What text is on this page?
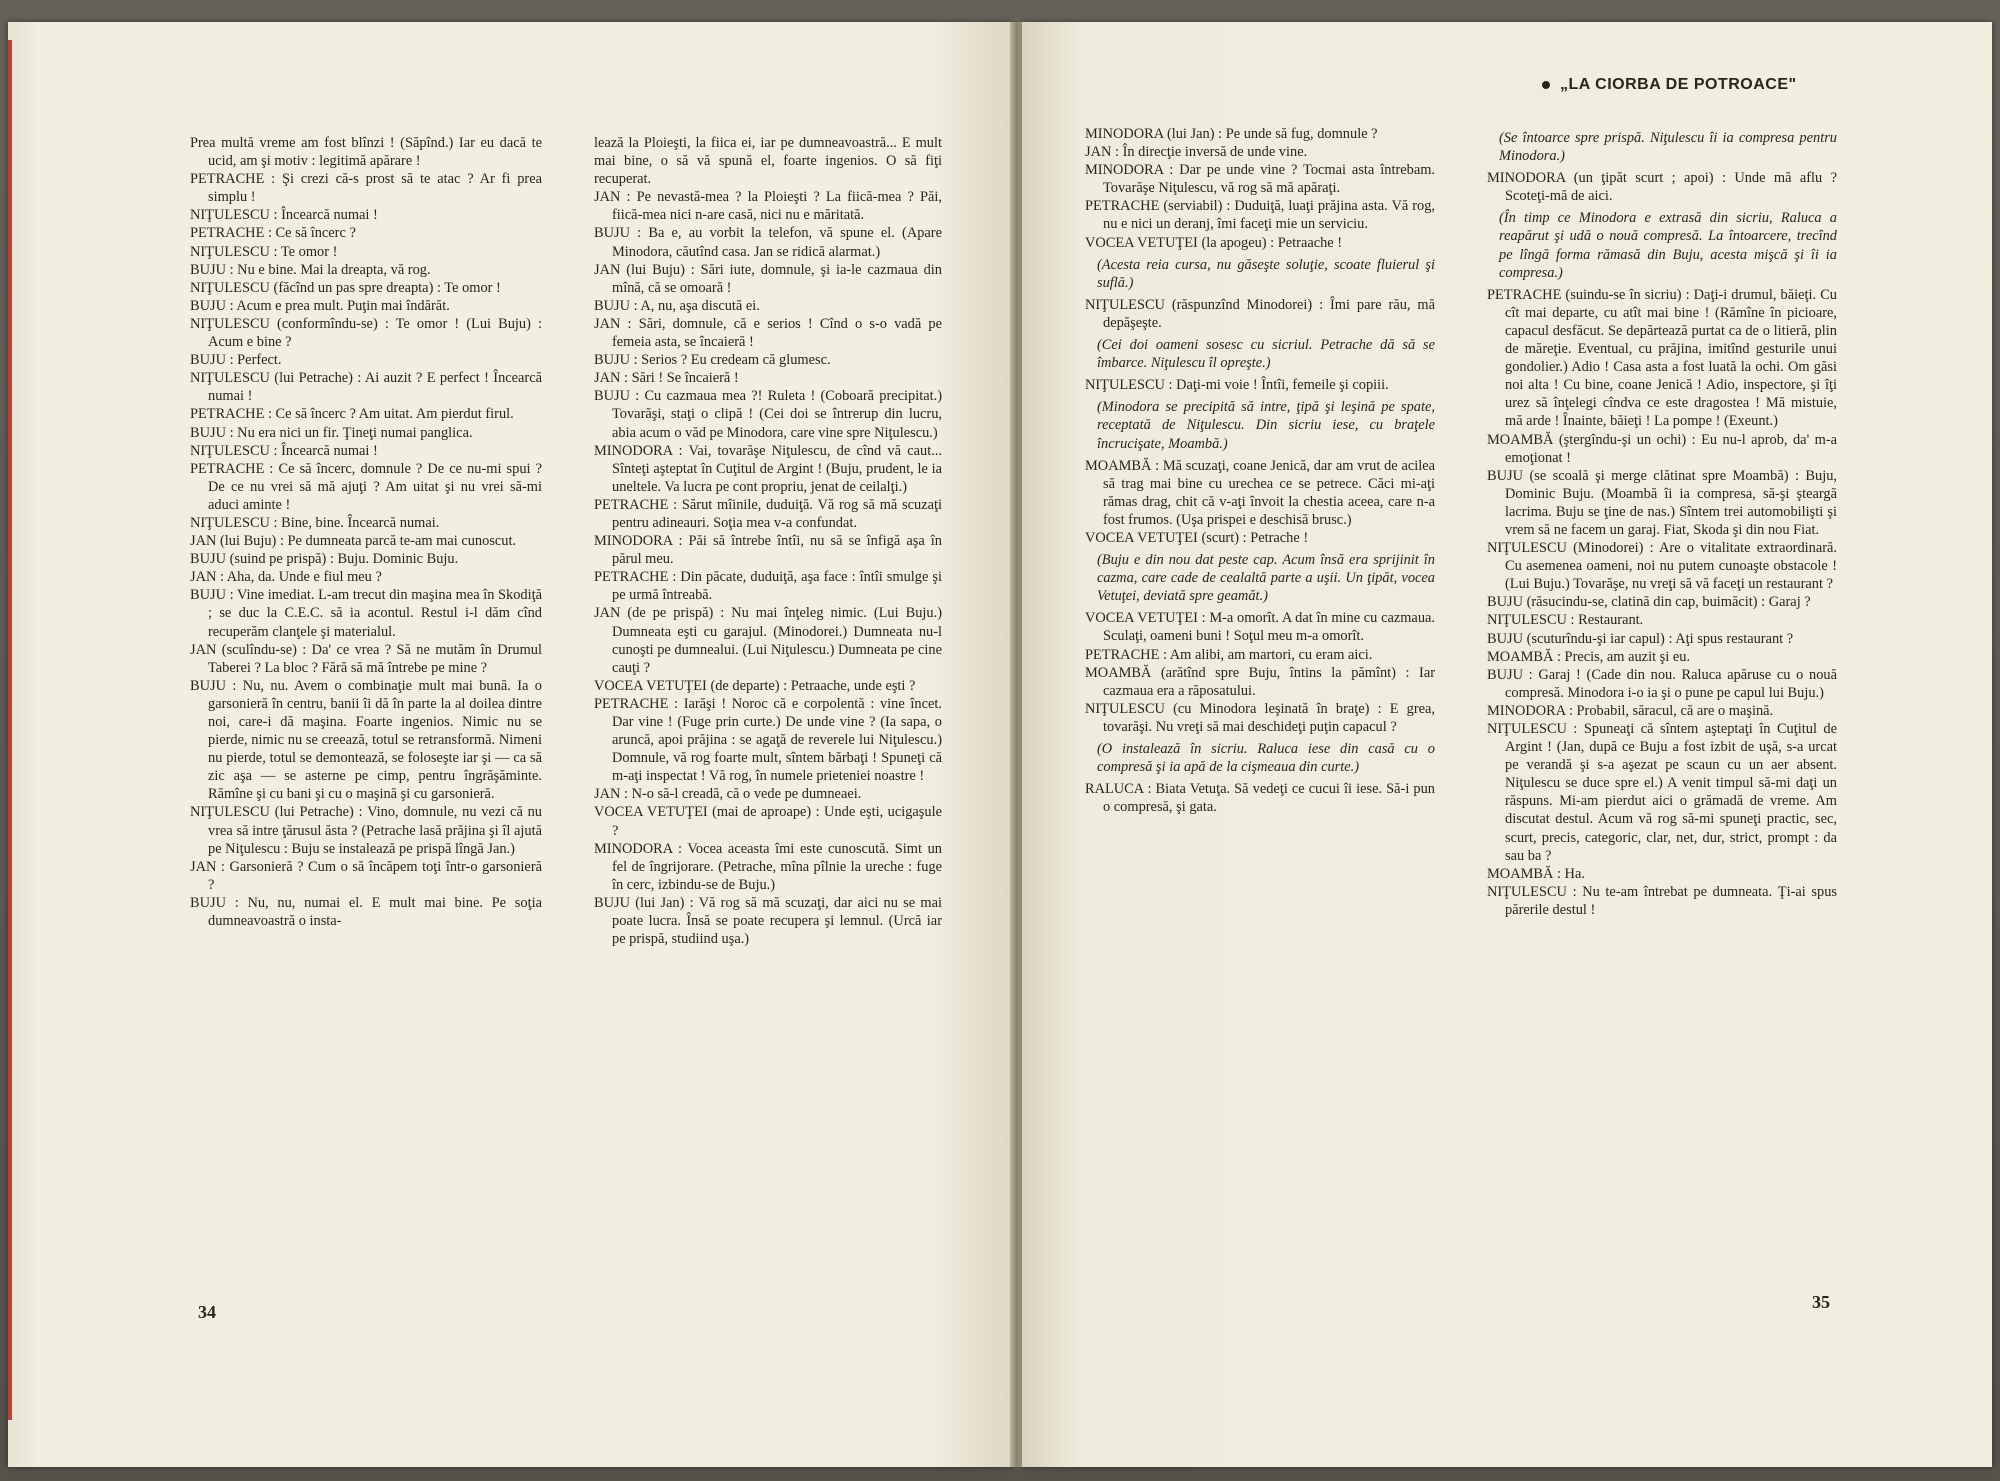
Prea multă vreme am fost blînzi ! (Săpînd.) Iar eu dacă te ucid, am şi motiv : legitimă apărare !

PETRACHE : Şi crezi că-s prost să te atac ? Ar fi prea simplu !

NIŢULESCU : Încearcă numai !

PETRACHE : Ce să încerc ?

NIŢULESCU : Te omor !

BUJU : Nu e bine. Mai la dreapta, vă rog.

NIŢULESCU (făcînd un pas spre dreapta) : Te omor !

BUJU : Acum e prea mult. Puţin mai îndărăt.

NIŢULESCU (conformîndu-se) : Te omor ! (Lui Buju) : Acum e bine ?

BUJU : Perfect.

NIŢULESCU (lui Petrache) : Ai auzit ? E perfect ! Încearcă numai !

PETRACHE : Ce să încerc ? Am uitat. Am pierdut firul.

BUJU : Nu era nici un fir. Ţineţi numai panglica.

NIŢULESCU : Încearcă numai !

PETRACHE : Ce să încerc, domnule ? De ce nu-mi spui ? De ce nu vrei să mă ajuţi ? Am uitat şi nu vrei să-mi aduci aminte !

NIŢULESCU : Bine, bine. Încearcă numai.

JAN (lui Buju) : Pe dumneata parcă te-am mai cunoscut.

BUJU (suind pe prispă) : Buju. Dominic Buju.

JAN : Aha, da. Unde e fiul meu ?

BUJU : Vine imediat. L-am trecut din maşina mea în Skodiţă ; se duc la C.E.C. să ia acontul. Restul i-l dăm cînd recuperăm clanţele şi materialul.

JAN (sculîndu-se) : Da' ce vrea ? Să ne mutăm în Drumul Taberei ? La bloc ? Fără să mă întrebe pe mine ?

BUJU : Nu, nu. Avem o combinaţie mult mai bună. Ia o garsonieră în centru, banii îi dă în parte la al doilea dintre noi, care-i dă maşina. Foarte ingenios. Nimic nu se pierde, nimic nu se creează, totul se retransformă. Nimeni nu pierde, totul se demontează, se foloseşte iar şi — ca să zic aşa — se asterne pe cimp, pentru îngrăşăminte. Rămîne şi cu bani şi cu o maşină şi cu garsonieră.

NIŢULESCU (lui Petrache) : Vino, domnule, nu vezi că nu vrea să intre ţărusul ăsta ? (Petrache lasă prăjina şi îl ajută pe Niţulescu : Buju se instalează pe prispă lîngă Jan.)

JAN : Garsonieră ? Cum o să încăpem toţi într-o garsonieră ?

BUJU : Nu, nu, numai el. E mult mai bine. Pe soţia dumneavoastră o insta-

lează la Ploieşti, la fiica ei, iar pe dumneavoastră... E mult mai bine, o să vă spună el, foarte ingenios. O să fiţi recuperat.

JAN : Pe nevastă-mea ? la Ploieşti ? La fiică-mea ? Păi, fiică-mea nici n-are casă, nici nu e măritată.

BUJU : Ba e, au vorbit la telefon, vă spune el. (Apare Minodora, căutînd casa. Jan se ridică alarmat.)

JAN (lui Buju) : Sări iute, domnule, şi ia-le cazmaua din mînă, că se omoară !

BUJU : A, nu, aşa discută ei.

JAN : Sări, domnule, că e serios ! Cînd o s-o vadă pe femeia asta, se încaieră !

BUJU : Serios ? Eu credeam că glumesc.

JAN : Sări ! Se încaieră !

BUJU : Cu cazmaua mea ?! Ruleta ! (Coboară precipitat.) Tovarăşi, staţi o clipă ! (Cei doi se întrerup din lucru, abia acum o văd pe Minodora, care vine spre Niţulescu.)

MINODORA : Vai, tovarăşe Niţulescu, de cînd vă caut... Sînteţi aşteptat în Cuţitul de Argint ! (Buju, prudent, le ia uneltele. Va lucra pe cont propriu, jenat de ceilalţi.)

PETRACHE : Sărut mîinile, duduiţă. Vă rog să mă scuzaţi pentru adineauri. Soţia mea v-a confundat.

MINODORA : Păi să întrebe întîi, nu să se înfigă aşa în părul meu.

PETRACHE : Din păcate, duduiţă, aşa face : întîi smulge şi pe urmă întreabă.

JAN (de pe prispă) : Nu mai înţeleg nimic. (Lui Buju.) Dumneata eşti cu garajul. (Minodorei.) Dumneata nu-l cunoşti pe dumnealui. (Lui Niţulescu.) Dumneata pe cine cauţi ?

VOCEA VETUŢEI (de departe) : Petraache, unde eşti ?

PETRACHE : Iarăşi ! Noroc că e corpolentă : vine încet. Dar vine ! (Fuge prin curte.) De unde vine ? (Ia sapa, o aruncă, apoi prăjina : se agaţă de reverele lui Niţulescu.) Domnule, vă rog foarte mult, sîntem bărbaţi ! Spuneţi că m-aţi inspectat ! Vă rog, în numele prieteniei noastre !

JAN : N-o să-l creadă, că o vede pe dumneaei.

VOCEA VETUŢEI (mai de aproape) : Unde eşti, ucigaşule ?

MINODORA : Vocea aceasta îmi este cunoscută. Simt un fel de îngrijorare. (Petrache, mîna pîlnie la ureche : fuge în cerc, izbindu-se de Buju.)

BUJU (lui Jan) : Vă rog să mă scuzaţi, dar aici nu se mai poate lucra. Însă se poate recupera şi lemnul. (Urcă iar pe prispă, studiind uşa.)

MINODORA (lui Jan) : Pe unde să fug, domnule ?

JAN : În direcţie inversă de unde vine.

MINODORA : Dar pe unde vine ? Tocmai asta întrebam. Tovarăşe Niţulescu, vă rog să mă apăraţi.

PETRACHE (serviabil) : Duduiţă, luaţi prăjina asta. Vă rog, nu e nici un deranj, îmi faceţi mie un serviciu.

VOCEA VETUŢEI (la apogeu) : Petraache !

(Acesta reia cursa, nu găseşte soluţie, scoate fluierul şi suflă.)

NIŢULESCU (răspunzînd Minodorei) : Îmi pare rău, mă depăşeşte.

(Cei doi oameni sosesc cu sicriul. Petrache dă să se îmbarce. Niţulescu îl opreşte.)

NIŢULESCU : Daţi-mi voie ! Întîi, femeile şi copiii.

(Minodora se precipită să intre, ţipă şi leşină pe spate, receptată de Niţulescu. Din sicriu iese, cu braţele încrucişate, Moambă.)

MOAMBĂ : Mă scuzaţi, coane Jenică, dar am vrut de acilea să trag mai bine cu urechea ce se petrece. Căci mi-aţi rămas drag, chit că v-aţi învoit la chestia aceea, care n-a fost frumos. (Uşa prispei e deschisă brusc.)

VOCEA VETUŢEI (scurt) : Petrache !

(Buju e din nou dat peste cap. Acum însă era sprijinit în cazma, care cade de cealaltă parte a uşii. Un ţipăt, vocea Vetuţei, deviată spre geamăt.)

VOCEA VETUŢEI : M-a omorît. A dat în mine cu cazmaua. Sculaţi, oameni buni ! Soţul meu m-a omorît.

PETRACHE : Am alibi, am martori, cu eram aici.

MOAMBĂ (arătînd spre Buju, întins la pămînt) : Iar cazmaua era a răposatului.

NIŢULESCU (cu Minodora leşinată în braţe) : E grea, tovarăşi. Nu vreţi să mai deschideţi puţin capacul ?

(O instalează în sicriu. Raluca iese din casă cu o compresă şi ia apă de la cişmeaua din curte.)

RALUCA : Biata Vetuţa. Să vedeţi ce cucui îi iese. Să-i pun o compresă, şi gata.

(Se întoarce spre prispă. Niţulescu îi ia compresa pentru Minodora.)

MINODORA (un ţipăt scurt ; apoi) : Unde mă aflu ? Scoteţi-mă de aici.

(În timp ce Minodora e extrasă din sicriu, Raluca a reapărut şi udă o nouă compresă. La întoarcere, trecînd pe lîngă forma rămasă din Buju, acesta mişcă şi îi ia compresa.)

PETRACHE (suindu-se în sicriu) : Daţi-i drumul, băieţi. Cu cît mai departe, cu atît mai bine ! (Rămîne în picioare, capacul desfăcut. Se depărtează purtat ca de o litieră, plin de măreţie. Eventual, cu prăjina, imitînd gesturile unui gondolier.) Adio ! Casa asta a fost luată la ochi. Om găsi noi alta ! Cu bine, coane Jenică ! Adio, inspectore, şi îţi urez să înţelegi cîndva ce este dragostea ! Mă mistuie, mă arde ! Înainte, băieţi ! La pompe ! (Exeunt.)

MOAMBĂ (ştergîndu-şi un ochi) : Eu nu-l aprob, da' m-a emoţionat !

BUJU (se scoală şi merge clătinat spre Moambă) : Buju, Dominic Buju. (Moambă îi ia compresa, să-şi şteargă lacrima. Buju se ţine de nas.) Sîntem trei automobilişti şi vrem să ne facem un garaj. Fiat, Skoda şi din nou Fiat.

NIŢULESCU (Minodorei) : Are o vitalitate extraordinară. Cu asemenea oameni, noi nu putem cunoaşte obstacole ! (Lui Buju.) Tovarăşe, nu vreţi să vă faceţi un restaurant ?

BUJU (răsucindu-se, clatină din cap, buimăcit) : Garaj ?

NIŢULESCU : Restaurant.

BUJU (scuturîndu-şi iar capul) : Aţi spus restaurant ?

MOAMBĂ : Precis, am auzit şi eu.

BUJU : Garaj ! (Cade din nou. Raluca apăruse cu o nouă compresă. Minodora i-o ia şi o pune pe capul lui Buju.)

MINODORA : Probabil, săracul, că are o maşină.

NIŢULESCU : Spuneaţi că sîntem aşteptaţi în Cuţitul de Argint ! (Jan, după ce Buju a fost izbit de uşă, s-a urcat pe verandă şi s-a aşezat pe scaun cu un aer absent. Niţulescu se duce spre el.) A venit timpul să-mi daţi un răspuns. Mi-am pierdut aici o grămadă de vreme. Am discutat destul. Acum vă rog să-mi spuneţi practic, sec, scurt, precis, categoric, clar, net, dur, strict, prompt : da sau ba ?

MOAMBĂ : Ha.

NIŢULESCU : Nu te-am întrebat pe dumneata. Ţi-ai spus părerile destul !

„LA CIORBA DE POTROACE"
34	35
